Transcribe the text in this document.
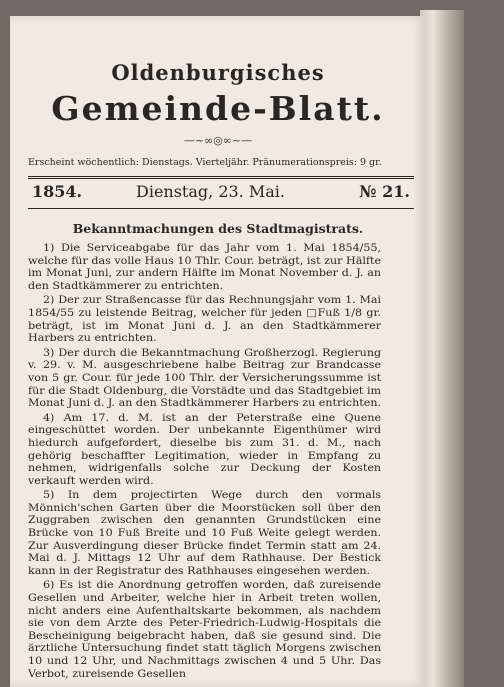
Oldenburgisches
Gemeinde-Blatt.
—~∞◎∞~—
Erscheint wöchentlich: Dienstags. Vierteljähr. Pränumerationspreis: 9 gr.
1854.	Dienstag, 23. Mai.	№ 21.
Bekanntmachungen des Stadtmagistrats.

1) Die Serviceabgabe für das Jahr vom 1. Mai 1854/55, welche für das volle Haus 10 Thlr. Cour. beträgt, ist zur Hälfte im Monat Juni, zur andern Hälfte im Monat November d. J. an den Stadtkämmerer zu entrichten.

2) Der zur Straßencasse für das Rechnungsjahr vom 1. Mai 1854/55 zu leistende Beitrag, welcher für jeden □Fuß 1/8 gr. beträgt, ist im Monat Juni d. J. an den Stadtkämmerer Harbers zu entrichten.

3) Der durch die Bekanntmachung Großherzogl. Regierung v. 29. v. M. ausgeschriebene halbe Beitrag zur Brandcasse von 5 gr. Cour. für jede 100 Thlr. der Versicherungssumme ist für die Stadt Oldenburg, die Vorstädte und das Stadtgebiet im Monat Juni d. J. an den Stadtkämmerer Harbers zu entrichten.

4) Am 17. d. M. ist an der Peterstraße eine Quene eingeschüttet worden. Der unbekannte Eigenthümer wird hiedurch aufgefordert, dieselbe bis zum 31. d. M., nach gehörig beschaffter Legitimation, wieder in Empfang zu nehmen, widrigenfalls solche zur Deckung der Kosten verkauft werden wird.

5) In dem projectirten Wege durch den vormals Mönnich'schen Garten über die Moorstücken soll über den Zuggraben zwischen den genannten Grundstücken eine Brücke von 10 Fuß Breite und 10 Fuß Weite gelegt werden. Zur Ausverdingung dieser Brücke findet Termin statt am 24. Mai d. J. Mittags 12 Uhr auf dem Rathhause. Der Bestick kann in der Registratur des Rathhauses eingesehen werden.

6) Es ist die Anordnung getroffen worden, daß zureisende Gesellen und Arbeiter, welche hier in Arbeit treten wollen, nicht anders eine Aufenthaltskarte bekommen, als nachdem sie von dem Arzte des Peter-Friedrich-Ludwig-Hospitals die Bescheinigung beigebracht haben, daß sie gesund sind. Die ärztliche Untersuchung findet statt täglich Morgens zwischen 10 und 12 Uhr, und Nachmittags zwischen 4 und 5 Uhr. Das Verbot, zureisende Gesellen
